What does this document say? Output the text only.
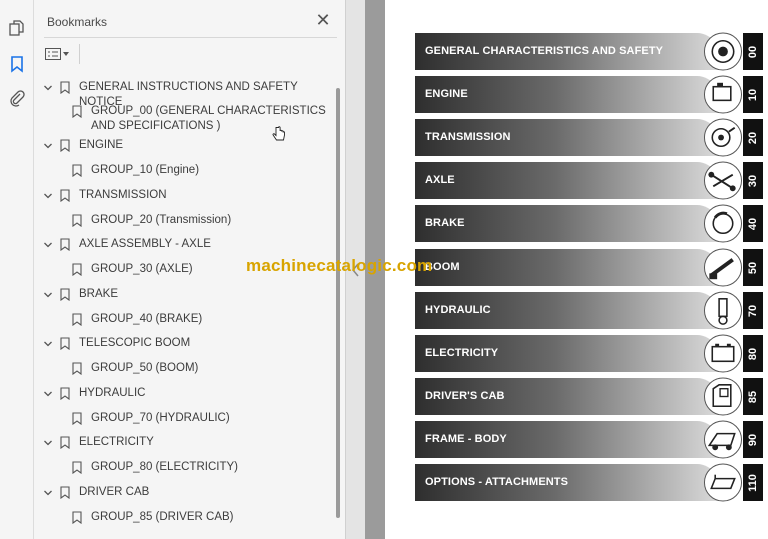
Bookmarks	✕
GENERAL INSTRUCTIONS AND SAFETY NOTICE
GROUP_00 (GENERAL CHARACTERISTICS AND SPECIFICATIONS )
ENGINE
GROUP_10 (Engine)
TRANSMISSION
GROUP_20 (Transmission)
AXLE ASSEMBLY - AXLE
GROUP_30 (AXLE)
BRAKE
GROUP_40 (BRAKE)
TELESCOPIC BOOM
GROUP_50 (BOOM)
HYDRAULIC
GROUP_70 (HYDRAULIC)
ELECTRICITY
GROUP_80 (ELECTRICITY)
DRIVER CAB
GROUP_85 (DRIVER CAB)
GENERAL CHARACTERISTICS AND SAFETY	00
ENGINE	10
TRANSMISSION	20
AXLE	30
BRAKE	40
BOOM	50
HYDRAULIC	70
ELECTRICITY	80
DRIVER'S CAB	85
FRAME - BODY	90
OPTIONS - ATTACHMENTS	110
machinecatalogic.com
